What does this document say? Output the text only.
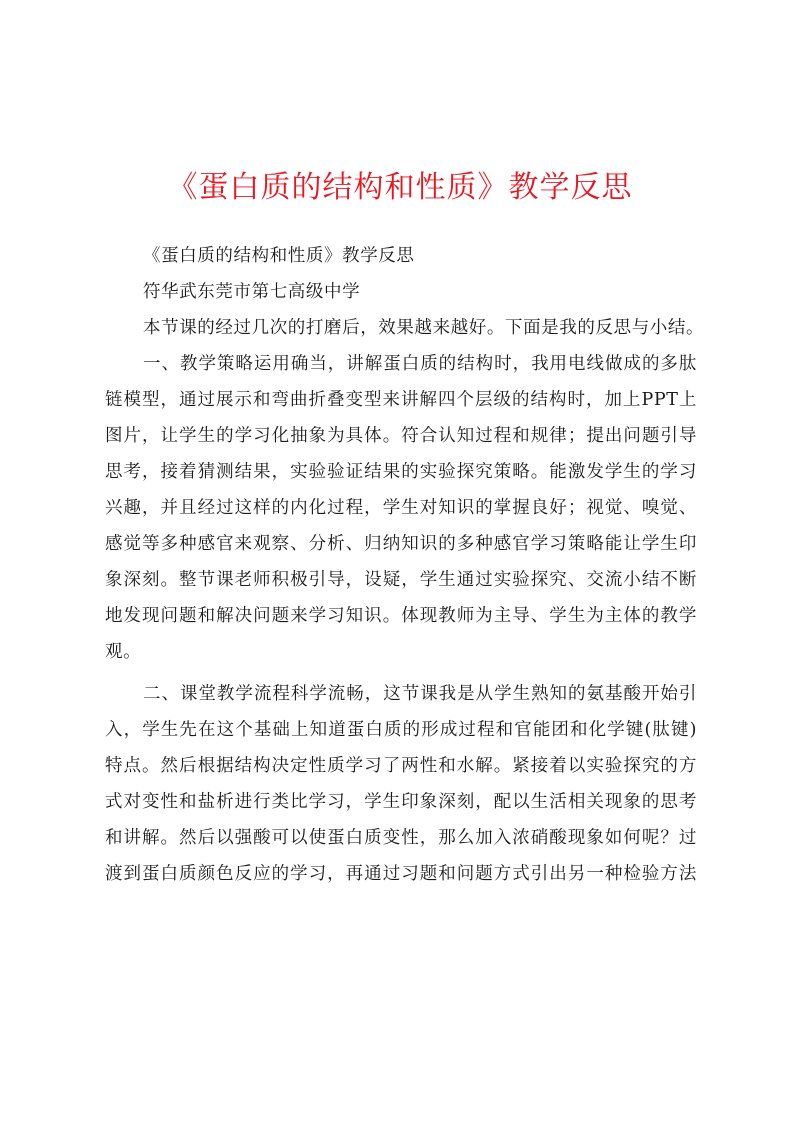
《蛋白质的结构和性质》教学反思

《蛋白质的结构和性质》教学反思

符华武东莞市第七高级中学

本节课的经过几次的打磨后，效果越来越好。下面是我的反思与小结。

一、教学策略运用确当，讲解蛋白质的结构时，我用电线做成的多肽

链模型，通过展示和弯曲折叠变型来讲解四个层级的结构时，加上PPT上

图片，让学生的学习化抽象为具体。符合认知过程和规律；提出问题引导

思考，接着猜测结果，实验验证结果的实验探究策略。能激发学生的学习

兴趣，并且经过这样的内化过程，学生对知识的掌握良好；视觉、嗅觉、

感觉等多种感官来观察、分析、归纳知识的多种感官学习策略能让学生印

象深刻。整节课老师积极引导，设疑，学生通过实验探究、交流小结不断

地发现问题和解决问题来学习知识。体现教师为主导、学生为主体的教学

观。

二、课堂教学流程科学流畅，这节课我是从学生熟知的氨基酸开始引

入，学生先在这个基础上知道蛋白质的形成过程和官能团和化学键(肽键)

特点。然后根据结构决定性质学习了两性和水解。紧接着以实验探究的方

式对变性和盐析进行类比学习，学生印象深刻，配以生活相关现象的思考

和讲解。然后以强酸可以使蛋白质变性，那么加入浓硝酸现象如何呢？过

渡到蛋白质颜色反应的学习，再通过习题和问题方式引出另一种检验方法
